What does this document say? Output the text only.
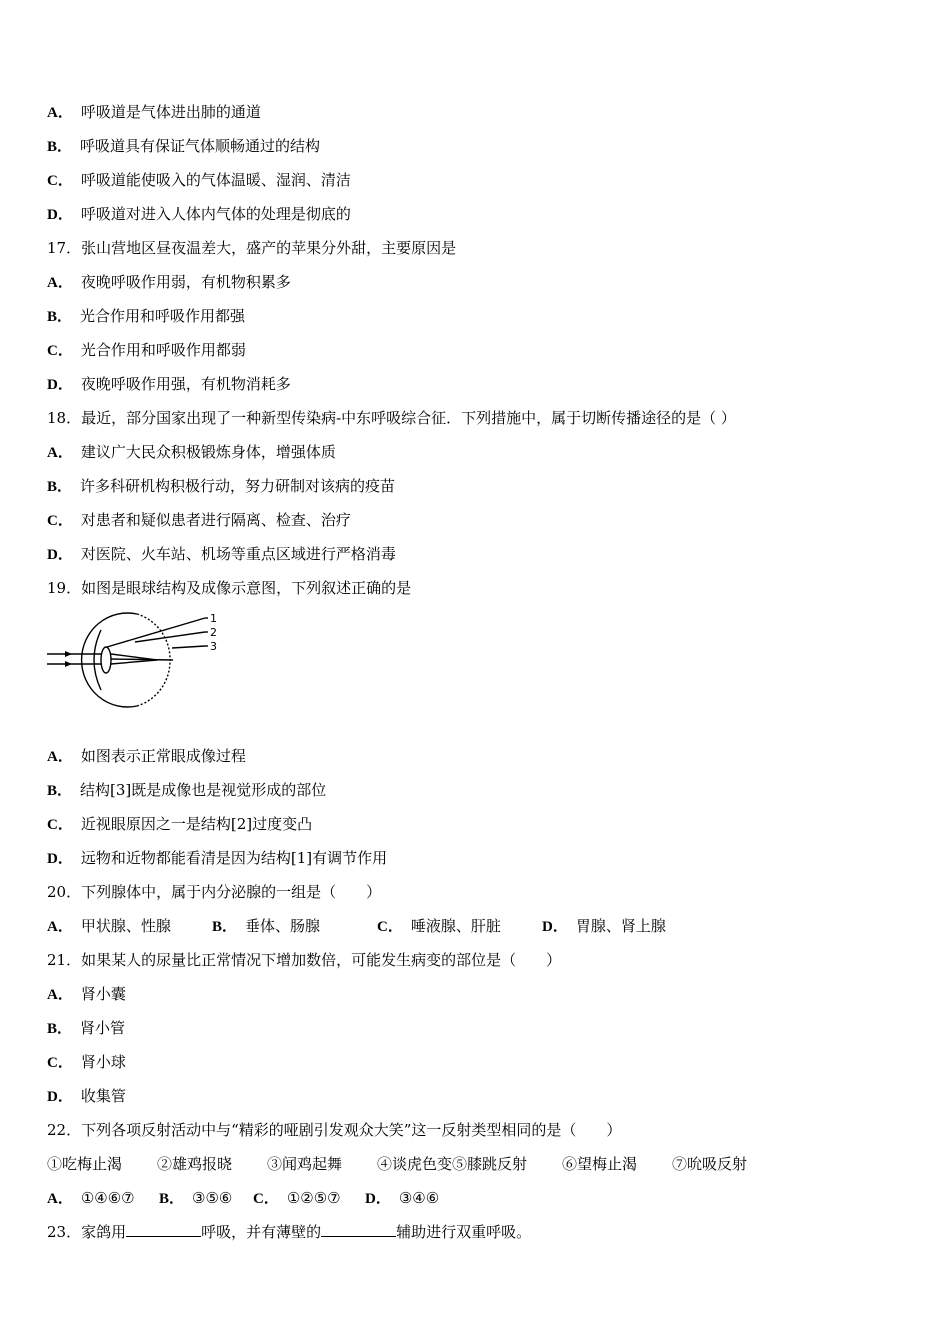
A． 呼吸道是气体进出肺的通道
B． 呼吸道具有保证气体顺畅通过的结构
C． 呼吸道能使吸入的气体温暖、湿润、清洁
D． 呼吸道对进入人体内气体的处理是彻底的
17．张山营地区昼夜温差大，盛产的苹果分外甜，主要原因是
A． 夜晚呼吸作用弱，有机物积累多
B． 光合作用和呼吸作用都强
C． 光合作用和呼吸作用都弱
D． 夜晚呼吸作用强，有机物消耗多
18．最近，部分国家出现了一种新型传染病-中东呼吸综合征．下列措施中，属于切断传播途径的是（ ）
A． 建议广大民众积极锻炼身体，增强体质
B． 许多科研机构积极行动，努力研制对该病的疫苗
C． 对患者和疑似患者进行隔离、检查、治疗
D． 对医院、火车站、机场等重点区域进行严格消毒
19．如图是眼球结构及成像示意图，下列叙述正确的是
1
2
3
A． 如图表示正常眼成像过程
B． 结构[3]既是成像也是视觉形成的部位
C． 近视眼原因之一是结构[2]过度变凸
D． 远物和近物都能看清是因为结构[1]有调节作用
20．下列腺体中，属于内分泌腺的一组是（　　）
A． 甲状腺、性腺	B． 垂体、肠腺	C． 唾液腺、肝脏	D． 胃腺、肾上腺
21．如果某人的尿量比正常情况下增加数倍，可能发生病变的部位是（　　）
A． 肾小囊
B． 肾小管
C． 肾小球
D． 收集管
22．下列各项反射活动中与“精彩的哑剧引发观众大笑”这一反射类型相同的是（　　）
①吃梅止渴 ②雄鸡报晓 ③闻鸡起舞 ④谈虎色变⑤膝跳反射 ⑥望梅止渴 ⑦吮吸反射
A． ①④⑥⑦ B． ③⑤⑥ C． ①②⑤⑦ D． ③④⑥
23．家鸽用	呼吸，并有薄壁的	辅助进行双重呼吸。
